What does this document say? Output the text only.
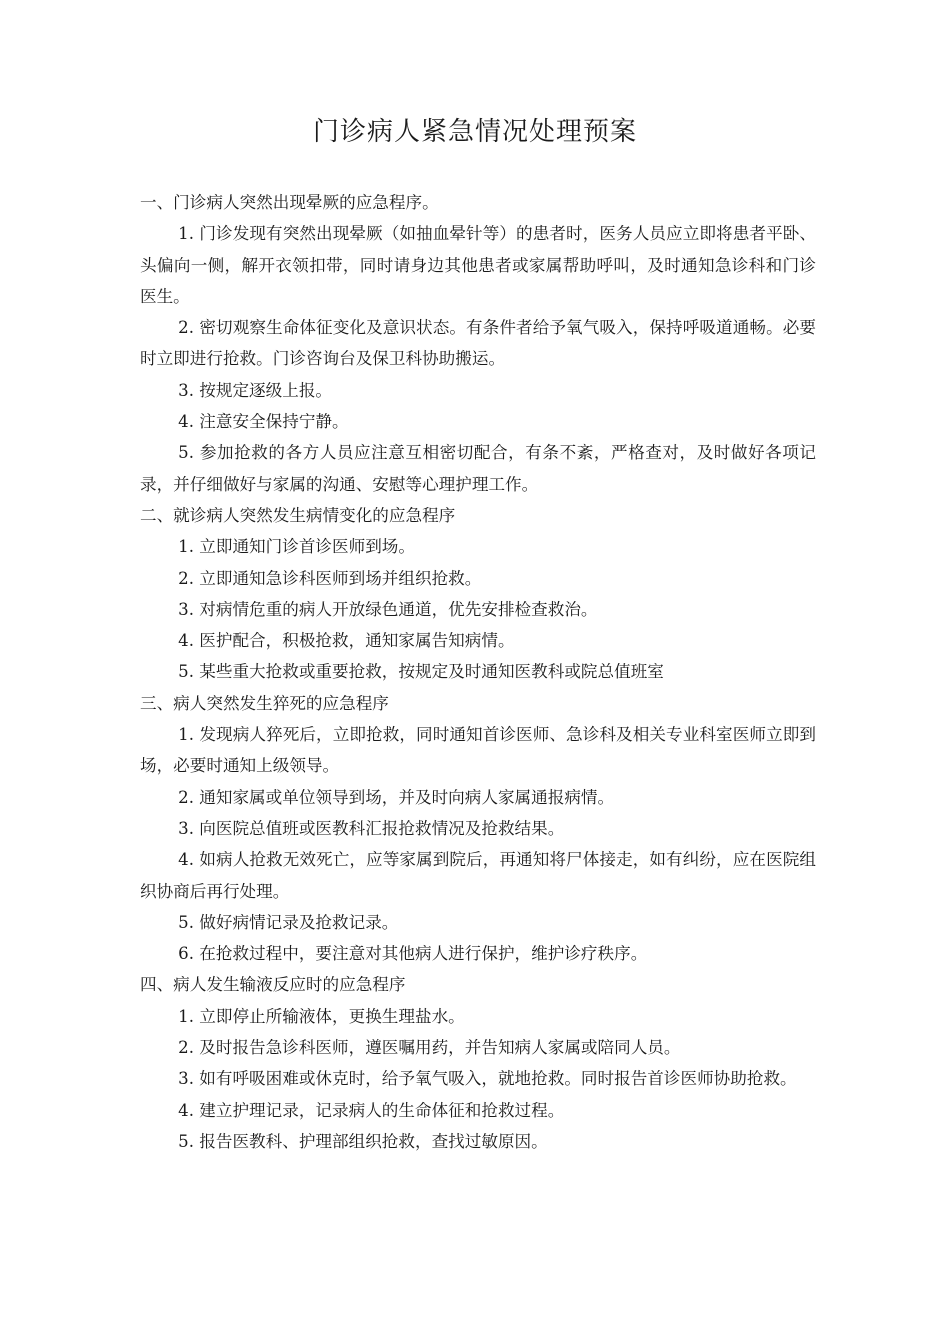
门诊病人紧急情况处理预案

一、门诊病人突然出现晕厥的应急程序。

1. 门诊发现有突然出现晕厥（如抽血晕针等）的患者时，医务人员应立即将患者平卧、头偏向一侧，解开衣领扣带，同时请身边其他患者或家属帮助呼叫，及时通知急诊科和门诊医生。

2. 密切观察生命体征变化及意识状态。有条件者给予氧气吸入，保持呼吸道通畅。必要时立即进行抢救。门诊咨询台及保卫科协助搬运。

3. 按规定逐级上报。

4. 注意安全保持宁静。

5. 参加抢救的各方人员应注意互相密切配合，有条不紊，严格查对，及时做好各项记录，并仔细做好与家属的沟通、安慰等心理护理工作。

二、就诊病人突然发生病情变化的应急程序

1. 立即通知门诊首诊医师到场。

2. 立即通知急诊科医师到场并组织抢救。

3. 对病情危重的病人开放绿色通道，优先安排检查救治。

4. 医护配合，积极抢救，通知家属告知病情。

5. 某些重大抢救或重要抢救，按规定及时通知医教科或院总值班室

三、病人突然发生猝死的应急程序

1. 发现病人猝死后，立即抢救，同时通知首诊医师、急诊科及相关专业科室医师立即到场，必要时通知上级领导。

2. 通知家属或单位领导到场，并及时向病人家属通报病情。

3. 向医院总值班或医教科汇报抢救情况及抢救结果。

4. 如病人抢救无效死亡，应等家属到院后，再通知将尸体接走，如有纠纷，应在医院组织协商后再行处理。

5. 做好病情记录及抢救记录。

6. 在抢救过程中，要注意对其他病人进行保护，维护诊疗秩序。

四、病人发生输液反应时的应急程序

1. 立即停止所输液体，更换生理盐水。

2. 及时报告急诊科医师，遵医嘱用药，并告知病人家属或陪同人员。

3. 如有呼吸困难或休克时，给予氧气吸入，就地抢救。同时报告首诊医师协助抢救。

4. 建立护理记录，记录病人的生命体征和抢救过程。

5. 报告医教科、护理部组织抢救，查找过敏原因。
